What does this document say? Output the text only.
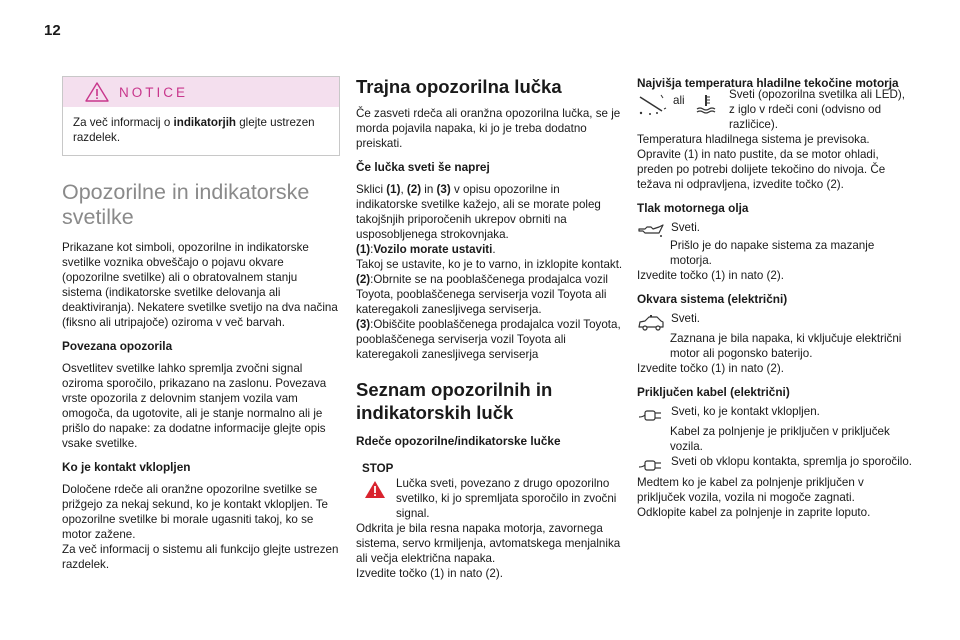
12
NOTICE
Za več informacij o indikatorjih glejte ustrezen razdelek.
Opozorilne in indikatorske svetilke

Prikazane kot simboli, opozorilne in indikatorske svetilke voznika obveščajo o pojavu okvare (opozorilne svetilke) ali o obratovalnem stanju sistema (indikatorske svetilke delovanja ali deaktiviranja). Nekatere svetilke svetijo na dva načina (fiksno ali utripajoče) oziroma v več barvah.

Povezana opozorila

Osvetlitev svetilke lahko spremlja zvočni signal oziroma sporočilo, prikazano na zaslonu. Povezava vrste opozorila z delovnim stanjem vozila vam omogoča, da ugotovite, ali je stanje normalno ali je prišlo do napake: za dodatne informacije glejte opis vsake svetilke.

Ko je kontakt vklopljen

Določene rdeče ali oranžne opozorilne svetilke se prižgejo za nekaj sekund, ko je kontakt vklopljen. Te opozorilne svetilke bi morale ugasniti takoj, ko se motor zažene.

Za več informacij o sistemu ali funkcijo glejte ustrezen razdelek.

Trajna opozorilna lučka

Če zasveti rdeča ali oranžna opozorilna lučka, se je morda pojavila napaka, ki jo je treba dodatno preiskati.

Če lučka sveti še naprej

Sklici (1), (2) in (3) v opisu opozorilne in indikatorske svetilke kažejo, ali se morate poleg takojšnjih priporočenih ukrepov obrniti na usposobljenega strokovnjaka.

(1):Vozilo morate ustaviti.

Takoj se ustavite, ko je to varno, in izklopite kontakt.

(2):Obrnite se na pooblaščenega prodajalca vozil Toyota, pooblaščenega serviserja vozil Toyota ali kateregakoli zanesljivega serviserja.

(3):Obiščite pooblaščenega prodajalca vozil Toyota, pooblaščenega serviserja vozil Toyota ali kateregakoli zanesljivega serviserja

Seznam opozorilnih in indikatorskih lučk
Rdeče opozorilne/indikatorske lučke
STOP

Lučka sveti, povezano z drugo opozorilno svetilko, ki jo spremljata sporočilo in zvočni signal.

Odkrita je bila resna napaka motorja, zavornega sistema, servo krmiljenja, avtomatskega menjalnika ali večja električna napaka.

Izvedite točko (1) in nato (2).

Najvišja temperatura hladilne tekočine motorja
ali	Sveti (opozorilna svetilka ali LED), z iglo v rdeči coni (odvisno od različice).

Temperatura hladilnega sistema je previsoka. Opravite (1) in nato pustite, da se motor ohladi, preden po potrebi dolijete tekočino do nivoja. Če težava ni odpravljena, izvedite točko (2).

Tlak motornega olja

Sveti.

Prišlo je do napake sistema za mazanje motorja.

Izvedite točko (1) in nato (2).

Okvara sistema (električni)

Sveti.

Zaznana je bila napaka, ki vključuje električni motor ali pogonsko baterijo.

Izvedite točko (1) in nato (2).

Priključen kabel (električni)

Sveti, ko je kontakt vklopljen.

Kabel za polnjenje je priključen v priključek vozila.

Sveti ob vklopu kontakta, spremlja jo sporočilo.

Medtem ko je kabel za polnjenje priključen v priključek vozila, vozila ni mogoče zagnati.

Odklopite kabel za polnjenje in zaprite loputo.
